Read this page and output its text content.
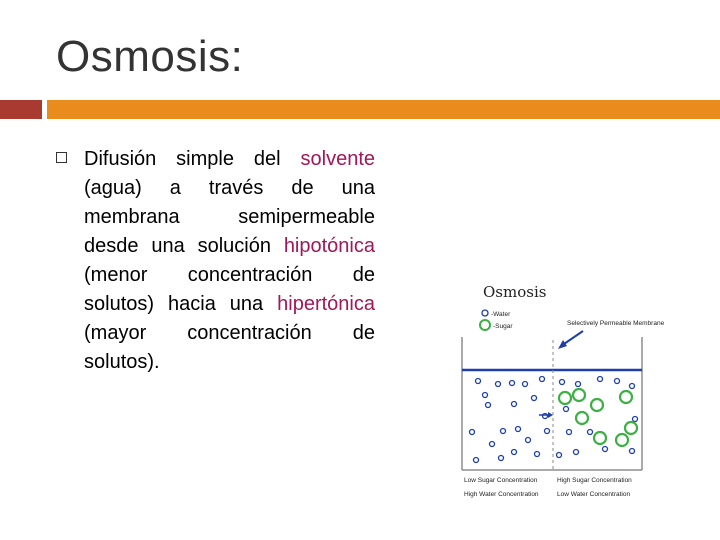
Osmosis:
Difusión simple del solvente (agua) a través de una membrana semipermeable desde una solución hipotónica (menor concentración de solutos) hacia una hipertónica (mayor concentración de solutos).
Osmosis
-Water
-Sugar	Selectively Permeable Membrane
Low Sugar Concentration
High Water Concentration
High Sugar Concentration
Low Water Concentration
